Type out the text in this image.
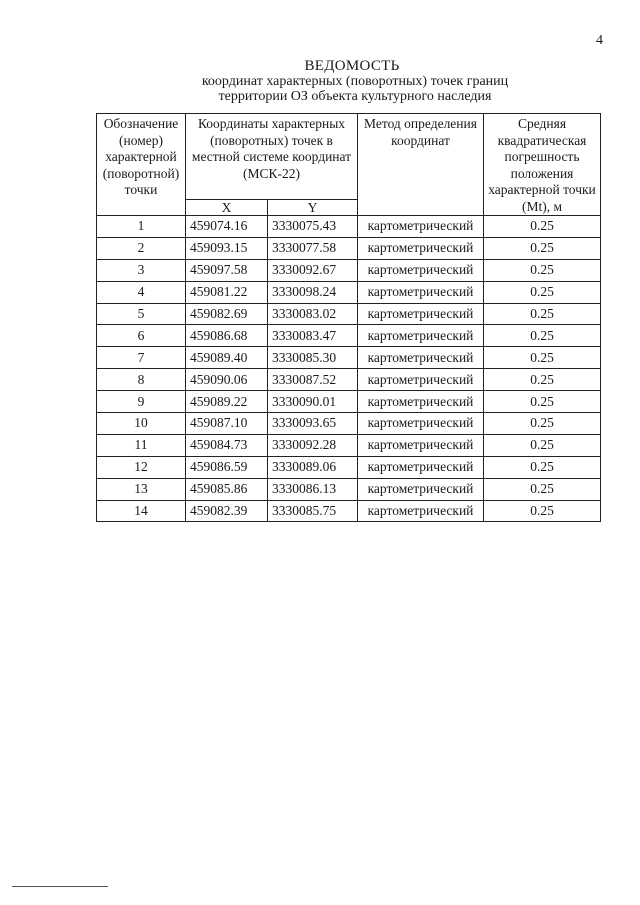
4
ВЕДОМОСТЬ
координат характерных (поворотных) точек границ
территории ОЗ объекта культурного наследия
Обозначение (номер) характерной (поворотной) точки	Координаты характерных (поворотных) точек в местной системе координат (МСК-22)		Метод определения координат	Средняя квадратическая погрешность положения характерной точки (Mt), м
	X	Y		
1	459074.16	3330075.43	картометрический	0.25
2	459093.15	3330077.58	картометрический	0.25
3	459097.58	3330092.67	картометрический	0.25
4	459081.22	3330098.24	картометрический	0.25
5	459082.69	3330083.02	картометрический	0.25
6	459086.68	3330083.47	картометрический	0.25
7	459089.40	3330085.30	картометрический	0.25
8	459090.06	3330087.52	картометрический	0.25
9	459089.22	3330090.01	картометрический	0.25
10	459087.10	3330093.65	картометрический	0.25
11	459084.73	3330092.28	картометрический	0.25
12	459086.59	3330089.06	картометрический	0.25
13	459085.86	3330086.13	картометрический	0.25
14	459082.39	3330085.75	картометрический	0.25
